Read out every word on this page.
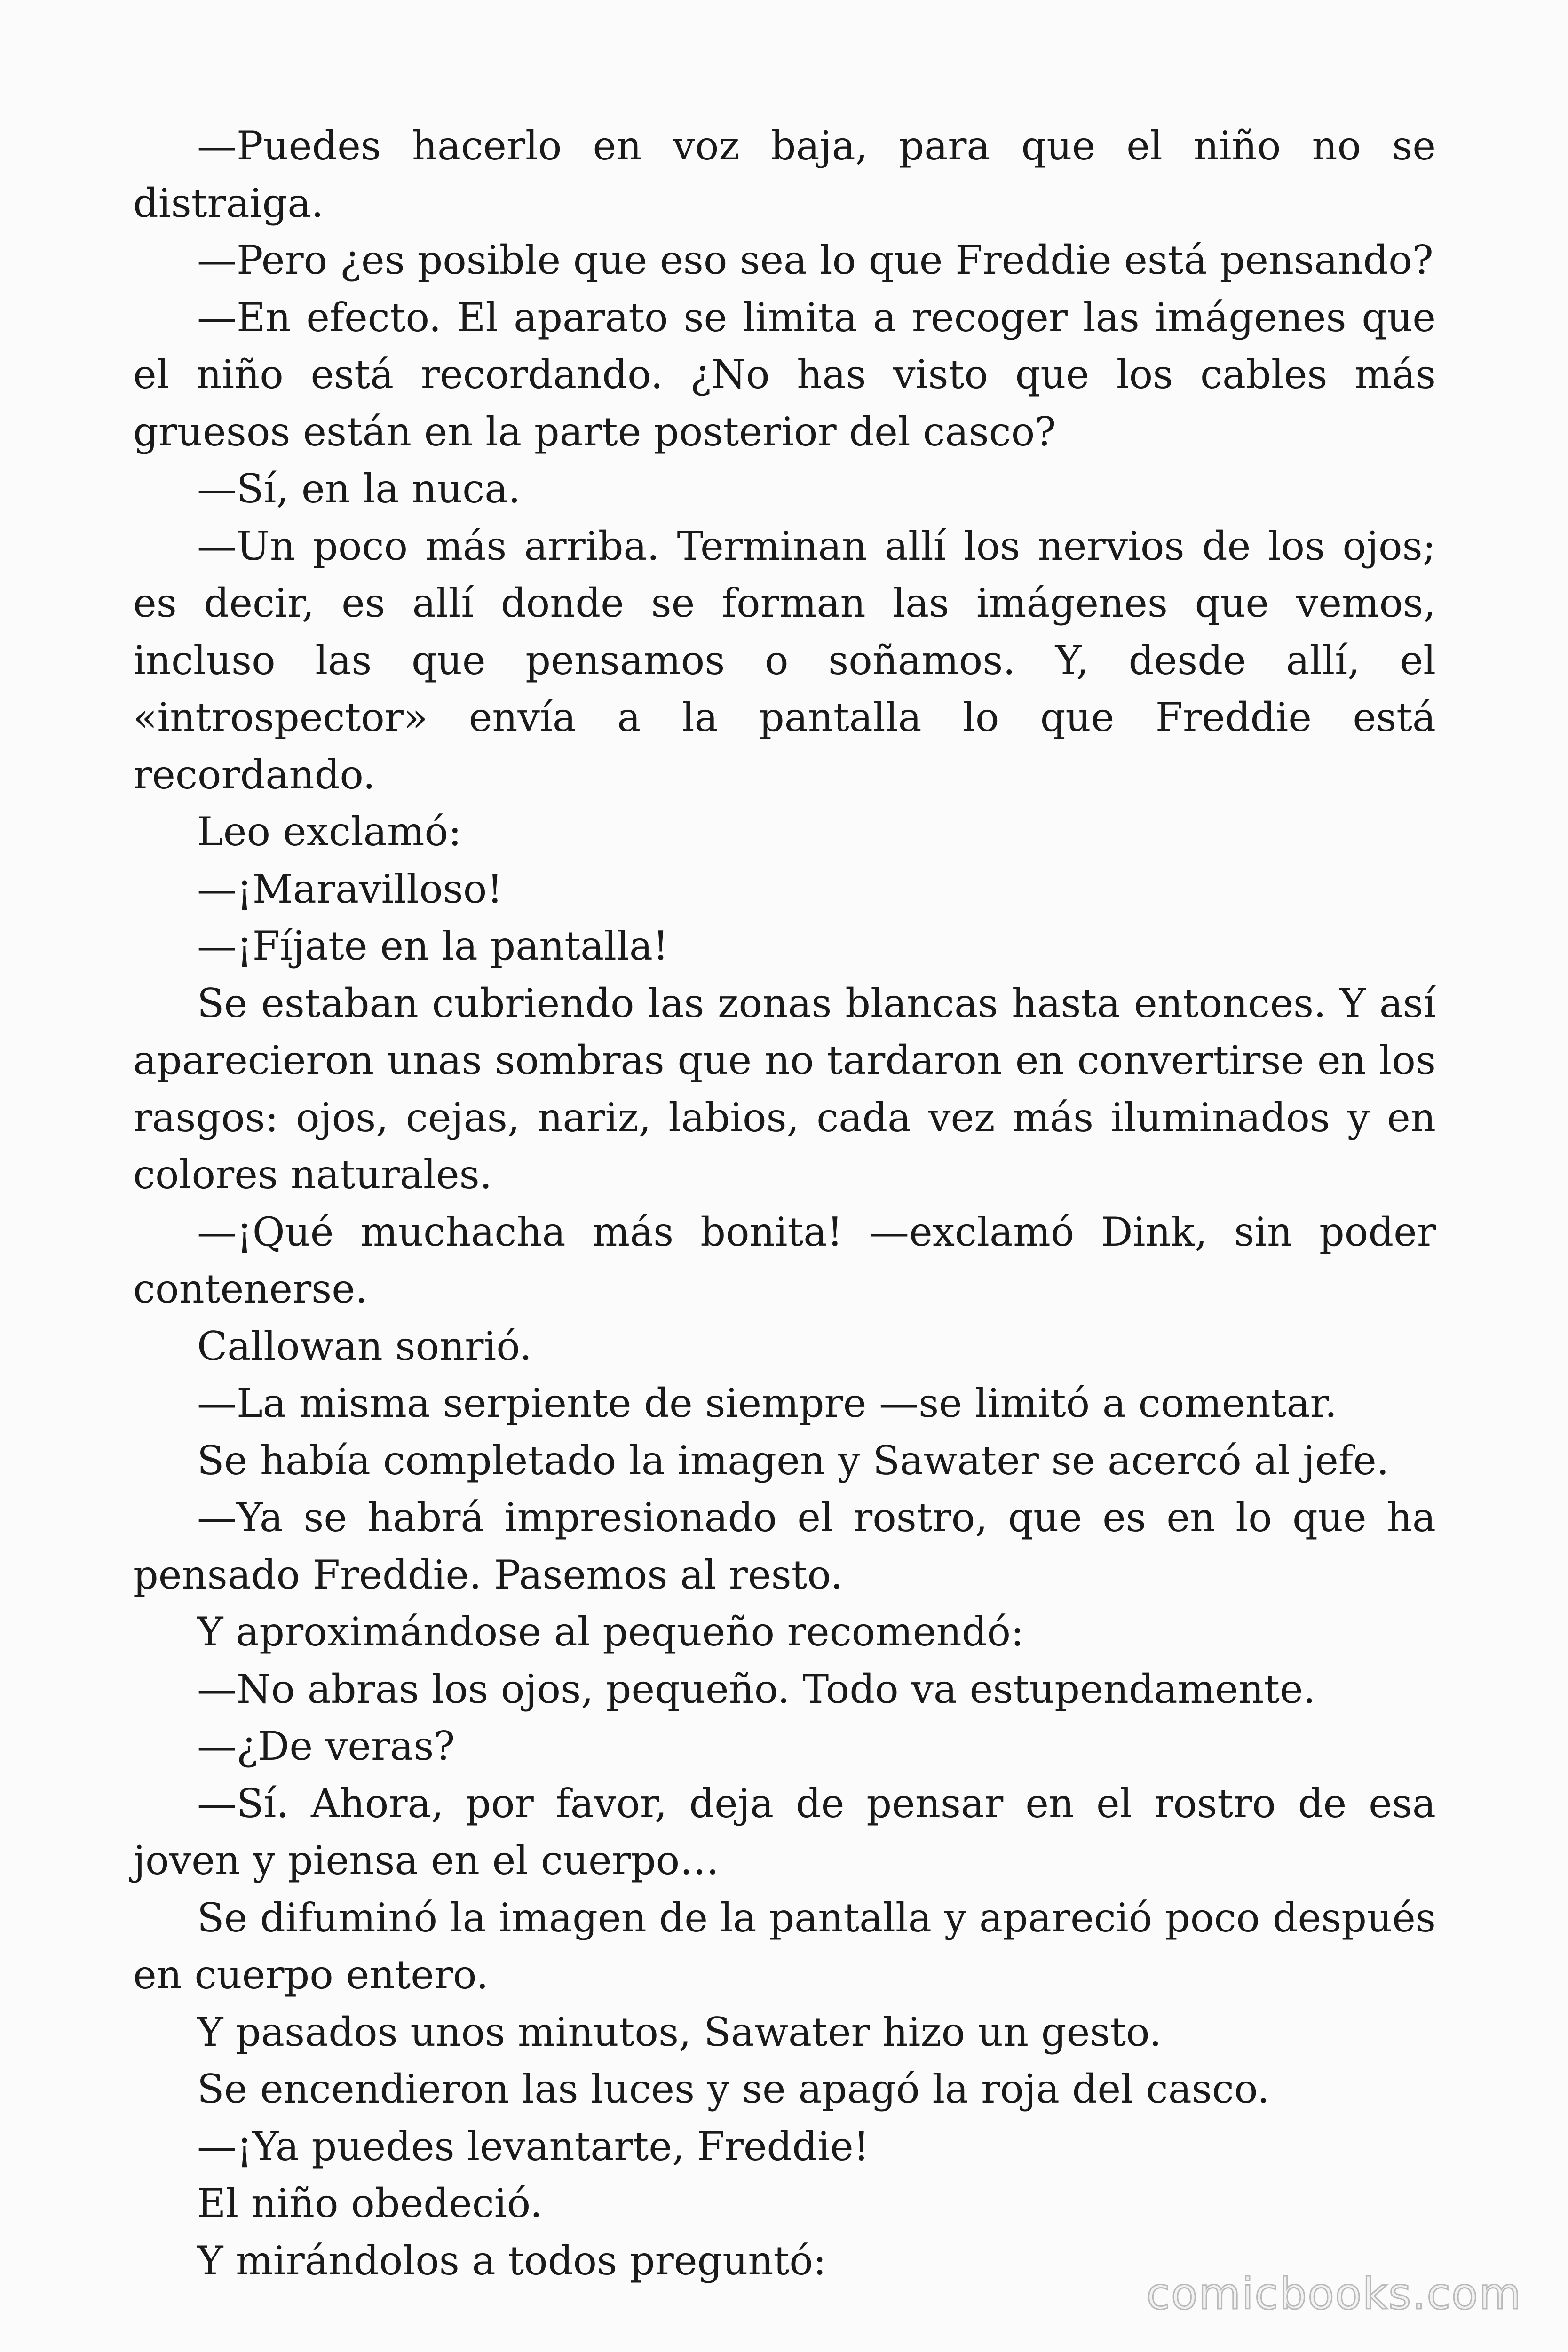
—Puedes hacerlo en voz baja, para que el niño no se distraiga.

—Pero ¿es posible que eso sea lo que Freddie está pensando?

—En efecto. El aparato se limita a recoger las imágenes que el niño está recordando. ¿No has visto que los cables más gruesos están en la parte posterior del casco?

—Sí, en la nuca.

—Un poco más arriba. Terminan allí los nervios de los ojos; es decir, es allí donde se forman las imágenes que vemos, incluso las que pensamos o soñamos. Y, desde allí, el «introspector» envía a la pantalla lo que Freddie está recordando.

Leo exclamó:

—¡Maravilloso!

—¡Fíjate en la pantalla!

Se estaban cubriendo las zonas blancas hasta entonces. Y así aparecieron unas sombras que no tardaron en convertirse en los rasgos: ojos, cejas, nariz, labios, cada vez más iluminados y en colores naturales.

—¡Qué muchacha más bonita! —exclamó Dink, sin poder contenerse.

Callowan sonrió.

—La misma serpiente de siempre —se limitó a comentar.

Se había completado la imagen y Sawater se acercó al jefe.

—Ya se habrá impresionado el rostro, que es en lo que ha pensado Freddie. Pasemos al resto.

Y aproximándose al pequeño recomendó:

—No abras los ojos, pequeño. Todo va estupendamente.

—¿De veras?

—Sí. Ahora, por favor, deja de pensar en el rostro de esa joven y piensa en el cuerpo…

Se difuminó la imagen de la pantalla y apareció poco después en cuerpo entero.

Y pasados unos minutos, Sawater hizo un gesto.

Se encendieron las luces y se apagó la roja del casco.

—¡Ya puedes levantarte, Freddie!

El niño obedeció.

Y mirándolos a todos preguntó:

comicbooks.com
